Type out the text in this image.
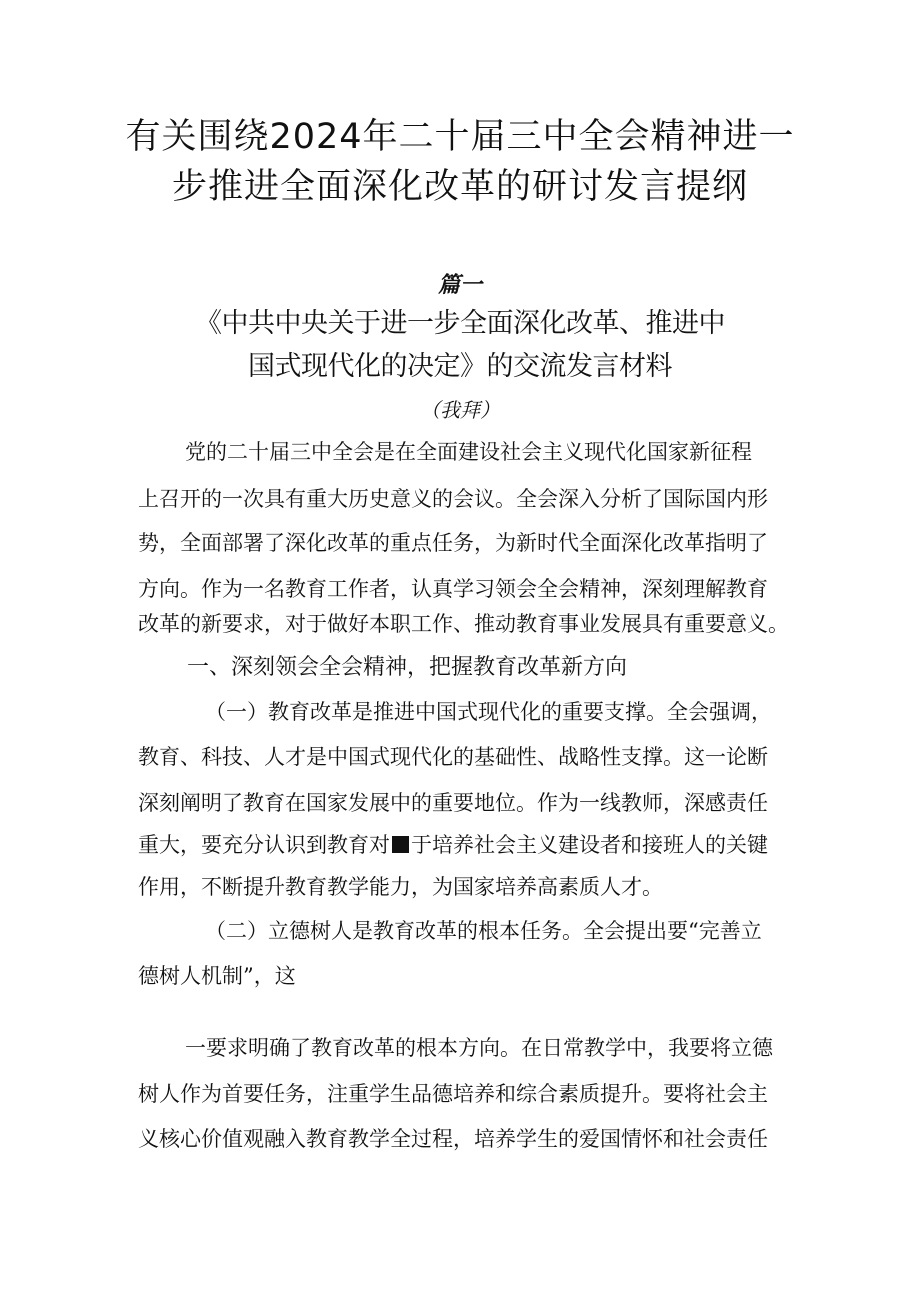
有关围绕2024年二十届三中全会精神进一
步推进全面深化改革的研讨发言提纲
篇一
《中共中央关于进一步全面深化改革、推进中
国式现代化的决定》的交流发言材料
（我拜）
党的二十届三中全会是在全面建设社会主义现代化国家新征程
上召开的一次具有重大历史意义的会议。全会深入分析了国际国内形
势，全面部署了深化改革的重点任务，为新时代全面深化改革指明了
方向。作为一名教育工作者，认真学习领会全会精神，深刻理解教育
改革的新要求，对于做好本职工作、推动教育事业发展具有重要意义。
一、深刻领会全会精神，把握教育改革新方向
（一）教育改革是推进中国式现代化的重要支撑。全会强调，
教育、科技、人才是中国式现代化的基础性、战略性支撑。这一论断
深刻阐明了教育在国家发展中的重要地位。作为一线教师，深感责任
重大，要充分认识到教育对 于培养社会主义建设者和接班人的关键
作用，不断提升教育教学能力，为国家培养高素质人才。
（二）立德树人是教育改革的根本任务。全会提出要“完善立
德树人机制”，这
一要求明确了教育改革的根本方向。在日常教学中，我要将立德
树人作为首要任务，注重学生品德培养和综合素质提升。要将社会主
义核心价值观融入教育教学全过程，培养学生的爱国情怀和社会责任
